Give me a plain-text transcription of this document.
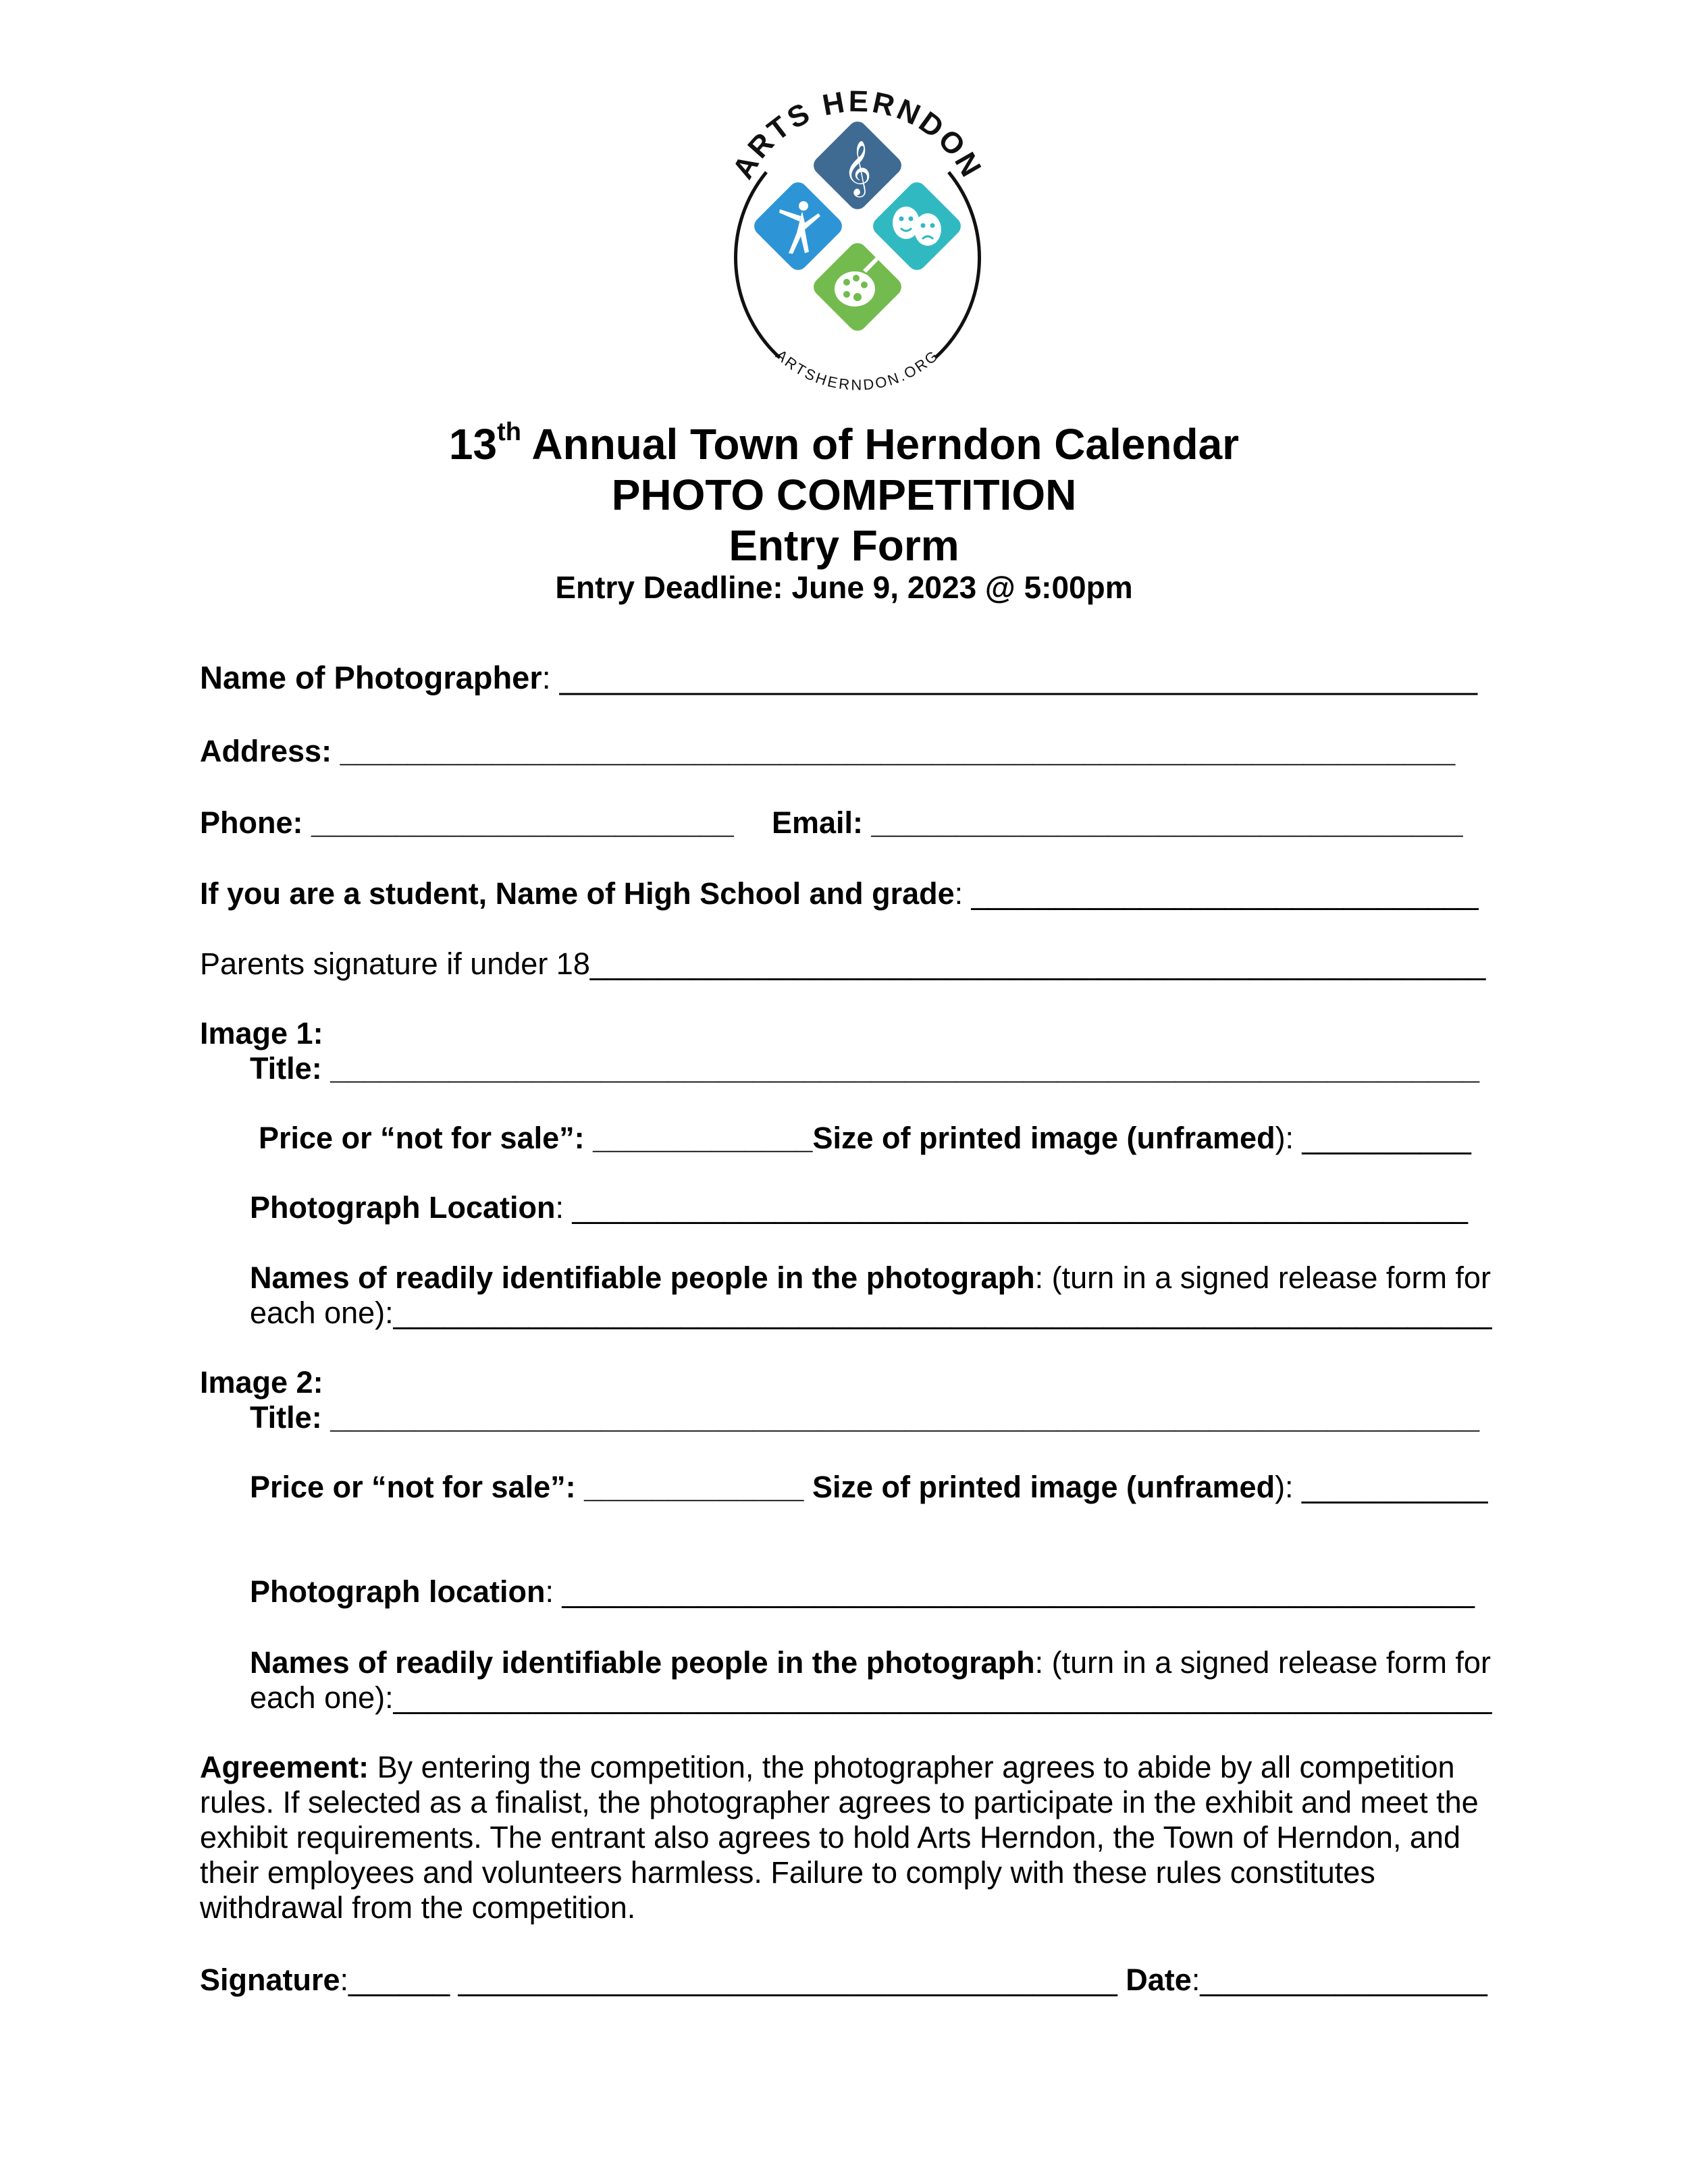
ARTS HERNDON
ARTSHERNDON.ORG
𝄞
13th Annual Town of Herndon Calendar
PHOTO COMPETITION
Entry Form
Entry Deadline: June 9, 2023 @ 5:00pm
Name of Photographer: ____________________________________________________
Address: __________________________________________________________________
Phone: _________________________ Email: ___________________________________
If you are a student, Name of High School and grade: ______________________________
Parents signature if under 18_____________________________________________________
Image 1:
Title: ____________________________________________________________________
Price or “not for sale”: _____________Size of printed image (unframed): __________
Photograph Location: _____________________________________________________
Names of readily identifiable people in the photograph: (turn in a signed release form for
each one):_________________________________________________________________
Image 2:
Title: ____________________________________________________________________
Price or “not for sale”: _____________ Size of printed image (unframed): ___________
Photograph location: ______________________________________________________
Names of readily identifiable people in the photograph: (turn in a signed release form for
each one):_________________________________________________________________
Agreement: By entering the competition, the photographer agrees to abide by all competition rules. If selected as a finalist, the photographer agrees to participate in the exhibit and meet the exhibit requirements. The entrant also agrees to hold Arts Herndon, the Town of Herndon, and their employees and volunteers harmless. Failure to comply with these rules constitutes withdrawal from the competition.
Signature:______ _______________________________________ Date:_________________
